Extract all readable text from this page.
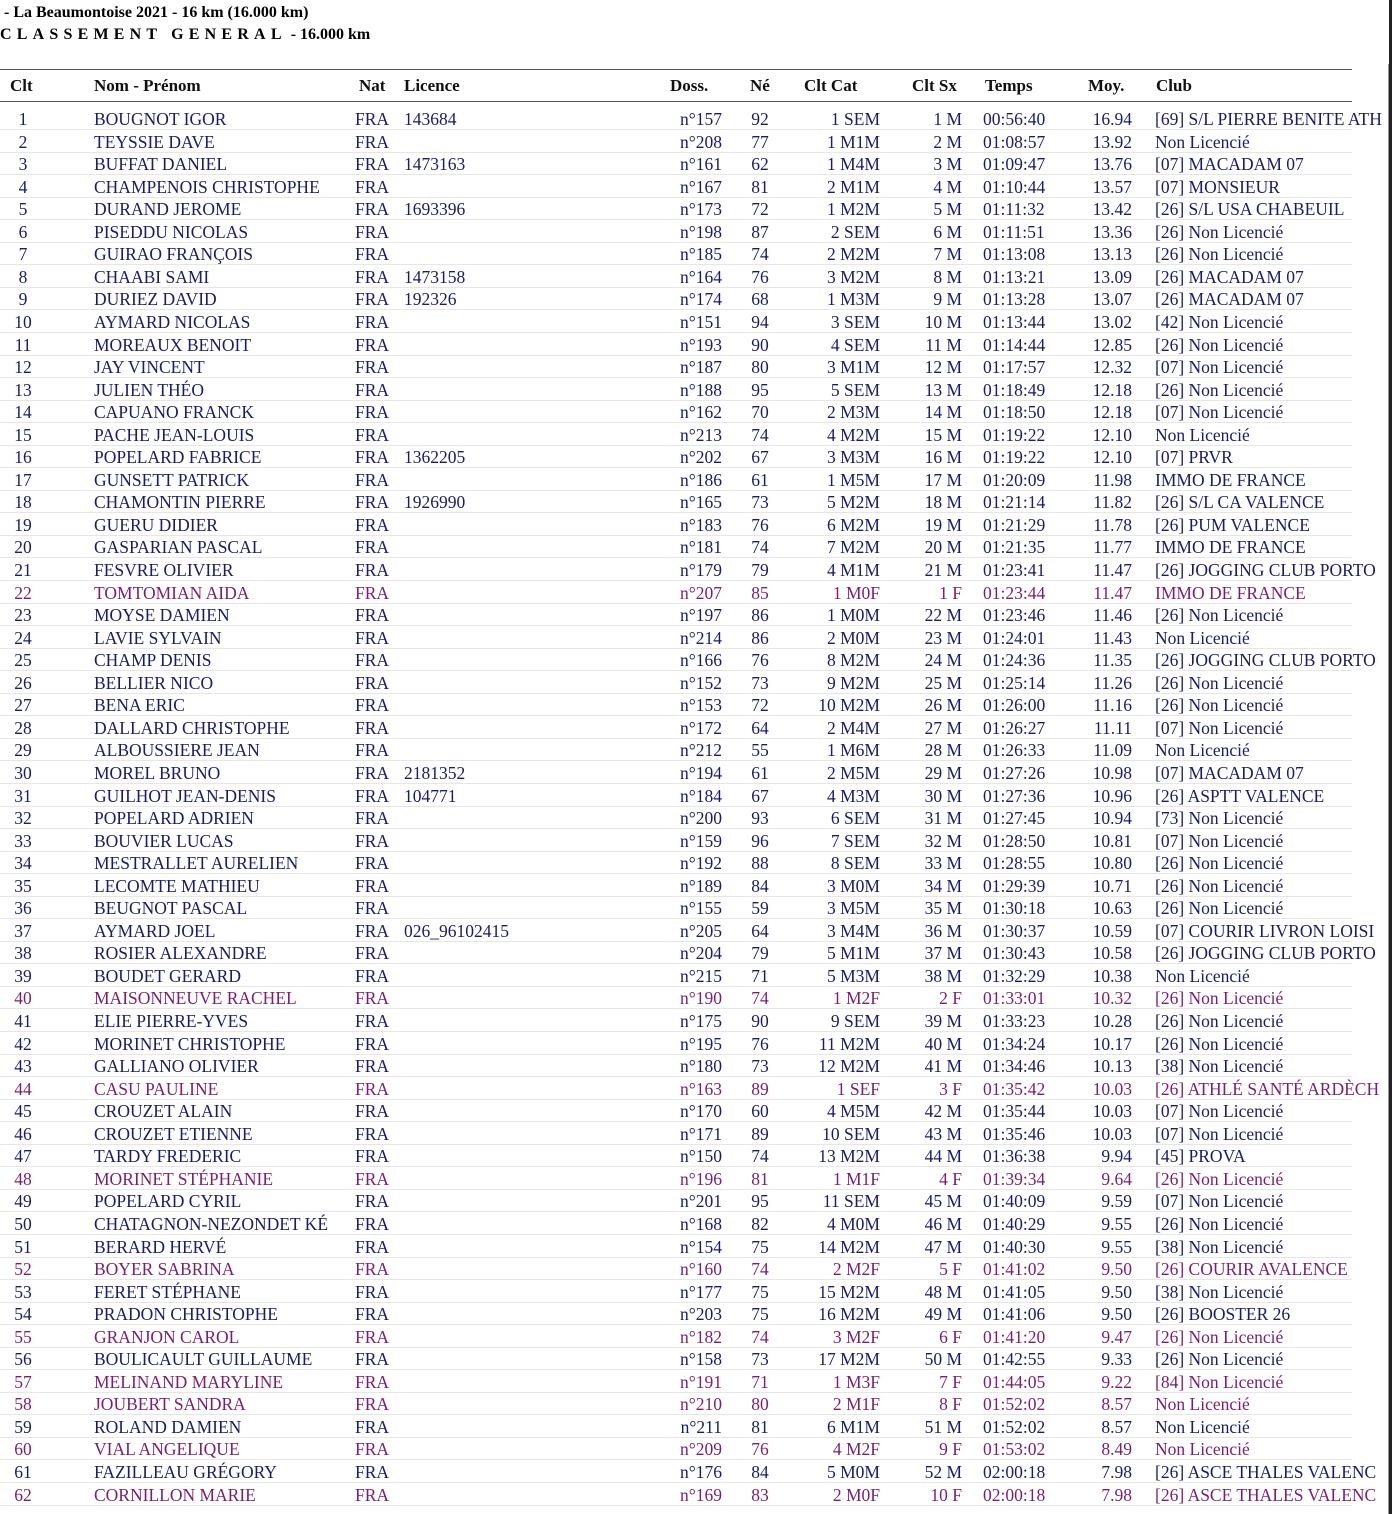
- La Beaumontoise 2021 - 16 km (16.000 km)
CLASSEMENT GENERAL - 16.000 km
Clt	Nom - Prénom	Nat Licence	Doss. Né Clt Cat	Clt Sx Temps	Moy. Club
1	BOUGNOT IGOR	FRA 143684	n°157	92	1 SEM	1 M 00:56:40	16.94 [69] S/L PIERRE BENITE ATH
2	TEYSSIE DAVE	FRA	n°208	77	1 M1M	2 M 01:08:57	13.92 Non Licencié
3	BUFFAT DANIEL	FRA 1473163	n°161	62	1 M4M	3 M 01:09:47	13.76 [07] MACADAM 07
4	CHAMPENOIS CHRISTOPHE	FRA	n°167	81	2 M1M	4 M 01:10:44	13.57 [07] MONSIEUR
5	DURAND JEROME	FRA 1693396	n°173	72	1 M2M	5 M 01:11:32	13.42 [26] S/L USA CHABEUIL
6	PISEDDU NICOLAS	FRA	n°198	87	2 SEM	6 M 01:11:51	13.36 [26] Non Licencié
7	GUIRAO FRANÇOIS	FRA	n°185	74	2 M2M	7 M 01:13:08	13.13 [26] Non Licencié
8	CHAABI SAMI	FRA 1473158	n°164	76	3 M2M	8 M 01:13:21	13.09 [26] MACADAM 07
9	DURIEZ DAVID	FRA 192326	n°174	68	1 M3M	9 M 01:13:28	13.07 [26] MACADAM 07
10	AYMARD NICOLAS	FRA	n°151	94	3 SEM	10 M 01:13:44	13.02 [42] Non Licencié
11	MOREAUX BENOIT	FRA	n°193	90	4 SEM	11 M 01:14:44	12.85 [26] Non Licencié
12	JAY VINCENT	FRA	n°187	80	3 M1M	12 M 01:17:57	12.32 [07] Non Licencié
13	JULIEN THÉO	FRA	n°188	95	5 SEM	13 M 01:18:49	12.18 [26] Non Licencié
14	CAPUANO FRANCK	FRA	n°162	70	2 M3M	14 M 01:18:50	12.18 [07] Non Licencié
15	PACHE JEAN-LOUIS	FRA	n°213	74	4 M2M	15 M 01:19:22	12.10 Non Licencié
16	POPELARD FABRICE	FRA 1362205	n°202	67	3 M3M	16 M 01:19:22	12.10 [07] PRVR
17	GUNSETT PATRICK	FRA	n°186	61	1 M5M	17 M 01:20:09	11.98 IMMO DE FRANCE
18	CHAMONTIN PIERRE	FRA 1926990	n°165	73	5 M2M	18 M 01:21:14	11.82 [26] S/L CA VALENCE
19	GUERU DIDIER	FRA	n°183	76	6 M2M	19 M 01:21:29	11.78 [26] PUM VALENCE
20	GASPARIAN PASCAL	FRA	n°181	74	7 M2M	20 M 01:21:35	11.77 IMMO DE FRANCE
21	FESVRE OLIVIER	FRA	n°179	79	4 M1M	21 M 01:23:41	11.47 [26] JOGGING CLUB PORTO
22	TOMTOMIAN AIDA	FRA	n°207	85	1 M0F	1 F 01:23:44	11.47 IMMO DE FRANCE
23	MOYSE DAMIEN	FRA	n°197	86	1 M0M	22 M 01:23:46	11.46 [26] Non Licencié
24	LAVIE SYLVAIN	FRA	n°214	86	2 M0M	23 M 01:24:01	11.43 Non Licencié
25	CHAMP DENIS	FRA	n°166	76	8 M2M	24 M 01:24:36	11.35 [26] JOGGING CLUB PORTO
26	BELLIER NICO	FRA	n°152	73	9 M2M	25 M 01:25:14	11.26 [26] Non Licencié
27	BENA ERIC	FRA	n°153	72	10 M2M	26 M 01:26:00	11.16 [26] Non Licencié
28	DALLARD CHRISTOPHE	FRA	n°172	64	2 M4M	27 M 01:26:27	11.11 [07] Non Licencié
29	ALBOUSSIERE JEAN	FRA	n°212	55	1 M6M	28 M 01:26:33	11.09 Non Licencié
30	MOREL BRUNO	FRA 2181352	n°194	61	2 M5M	29 M 01:27:26	10.98 [07] MACADAM 07
31	GUILHOT JEAN-DENIS	FRA 104771	n°184	67	4 M3M	30 M 01:27:36	10.96 [26] ASPTT VALENCE
32	POPELARD ADRIEN	FRA	n°200	93	6 SEM	31 M 01:27:45	10.94 [73] Non Licencié
33	BOUVIER LUCAS	FRA	n°159	96	7 SEM	32 M 01:28:50	10.81 [07] Non Licencié
34	MESTRALLET AURELIEN	FRA	n°192	88	8 SEM	33 M 01:28:55	10.80 [26] Non Licencié
35	LECOMTE MATHIEU	FRA	n°189	84	3 M0M	34 M 01:29:39	10.71 [26] Non Licencié
36	BEUGNOT PASCAL	FRA	n°155	59	3 M5M	35 M 01:30:18	10.63 [26] Non Licencié
37	AYMARD JOEL	FRA 026_96102415	n°205	64	3 M4M	36 M 01:30:37	10.59 [07] COURIR LIVRON LOISI
38	ROSIER ALEXANDRE	FRA	n°204	79	5 M1M	37 M 01:30:43	10.58 [26] JOGGING CLUB PORTO
39	BOUDET GERARD	FRA	n°215	71	5 M3M	38 M 01:32:29	10.38 Non Licencié
40	MAISONNEUVE RACHEL	FRA	n°190	74	1 M2F	2 F 01:33:01	10.32 [26] Non Licencié
41	ELIE PIERRE-YVES	FRA	n°175	90	9 SEM	39 M 01:33:23	10.28 [26] Non Licencié
42	MORINET CHRISTOPHE	FRA	n°195	76	11 M2M	40 M 01:34:24	10.17 [26] Non Licencié
43	GALLIANO OLIVIER	FRA	n°180	73	12 M2M	41 M 01:34:46	10.13 [38] Non Licencié
44	CASU PAULINE	FRA	n°163	89	1 SEF	3 F 01:35:42	10.03 [26] ATHLÉ SANTÉ ARDÈCH
45	CROUZET ALAIN	FRA	n°170	60	4 M5M	42 M 01:35:44	10.03 [07] Non Licencié
46	CROUZET ETIENNE	FRA	n°171	89	10 SEM	43 M 01:35:46	10.03 [07] Non Licencié
47	TARDY FREDERIC	FRA	n°150	74	13 M2M	44 M 01:36:38	9.94 [45] PROVA
48	MORINET STÉPHANIE	FRA	n°196	81	1 M1F	4 F 01:39:34	9.64 [26] Non Licencié
49	POPELARD CYRIL	FRA	n°201	95	11 SEM	45 M 01:40:09	9.59 [07] Non Licencié
50	CHATAGNON-NEZONDET KÉ	FRA	n°168	82	4 M0M	46 M 01:40:29	9.55 [26] Non Licencié
51	BERARD HERVÉ	FRA	n°154	75	14 M2M	47 M 01:40:30	9.55 [38] Non Licencié
52	BOYER SABRINA	FRA	n°160	74	2 M2F	5 F 01:41:02	9.50 [26] COURIR AVALENCE
53	FERET STÉPHANE	FRA	n°177	75	15 M2M	48 M 01:41:05	9.50 [38] Non Licencié
54	PRADON CHRISTOPHE	FRA	n°203	75	16 M2M	49 M 01:41:06	9.50 [26] BOOSTER 26
55	GRANJON CAROL	FRA	n°182	74	3 M2F	6 F 01:41:20	9.47 [26] Non Licencié
56	BOULICAULT GUILLAUME	FRA	n°158	73	17 M2M	50 M 01:42:55	9.33 [26] Non Licencié
57	MELINAND MARYLINE	FRA	n°191	71	1 M3F	7 F 01:44:05	9.22 [84] Non Licencié
58	JOUBERT SANDRA	FRA	n°210	80	2 M1F	8 F 01:52:02	8.57 Non Licencié
59	ROLAND DAMIEN	FRA	n°211	81	6 M1M	51 M 01:52:02	8.57 Non Licencié
60	VIAL ANGELIQUE	FRA	n°209	76	4 M2F	9 F 01:53:02	8.49 Non Licencié
61	FAZILLEAU GRÉGORY	FRA	n°176	84	5 M0M	52 M 02:00:18	7.98 [26] ASCE THALES VALENC
62	CORNILLON MARIE	FRA	n°169	83	2 M0F	10 F 02:00:18	7.98 [26] ASCE THALES VALENC
